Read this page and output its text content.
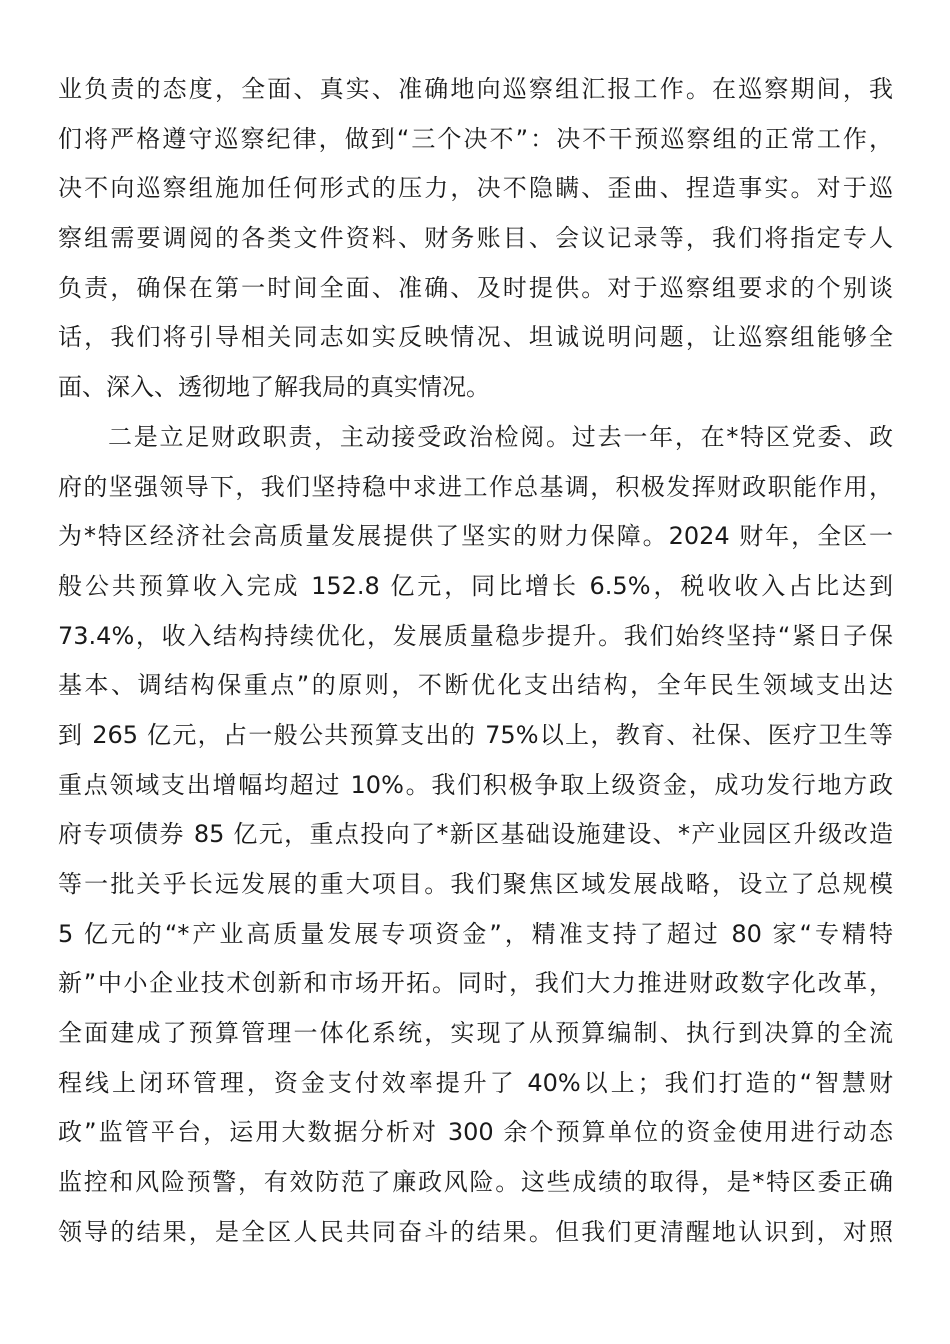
业负责的态度，全面、真实、准确地向巡察组汇报工作。在巡察期间，我
们将严格遵守巡察纪律，做到“三个决不”：决不干预巡察组的正常工作，
决不向巡察组施加任何形式的压力，决不隐瞒、歪曲、捏造事实。对于巡
察组需要调阅的各类文件资料、财务账目、会议记录等，我们将指定专人
负责，确保在第一时间全面、准确、及时提供。对于巡察组要求的个别谈
话，我们将引导相关同志如实反映情况、坦诚说明问题，让巡察组能够全
面、深入、透彻地了解我局的真实情况。
二是立足财政职责，主动接受政治检阅。过去一年，在*特区党委、政
府的坚强领导下，我们坚持稳中求进工作总基调，积极发挥财政职能作用，
为*特区经济社会高质量发展提供了坚实的财力保障。2024 财年，全区一
般公共预算收入完成 152.8 亿元，同比增长 6.5%，税收收入占比达到
73.4%，收入结构持续优化，发展质量稳步提升。我们始终坚持“紧日子保
基本、调结构保重点”的原则，不断优化支出结构，全年民生领域支出达
到 265 亿元，占一般公共预算支出的 75%以上，教育、社保、医疗卫生等
重点领域支出增幅均超过 10%。我们积极争取上级资金，成功发行地方政
府专项债券 85 亿元，重点投向了*新区基础设施建设、*产业园区升级改造
等一批关乎长远发展的重大项目。我们聚焦区域发展战略，设立了总规模
5 亿元的“*产业高质量发展专项资金”，精准支持了超过 80 家“专精特
新”中小企业技术创新和市场开拓。同时，我们大力推进财政数字化改革，
全面建成了预算管理一体化系统，实现了从预算编制、执行到决算的全流
程线上闭环管理，资金支付效率提升了 40%以上；我们打造的“智慧财
政”监管平台，运用大数据分析对 300 余个预算单位的资金使用进行动态
监控和风险预警，有效防范了廉政风险。这些成绩的取得，是*特区委正确
领导的结果，是全区人民共同奋斗的结果。但我们更清醒地认识到，对照
